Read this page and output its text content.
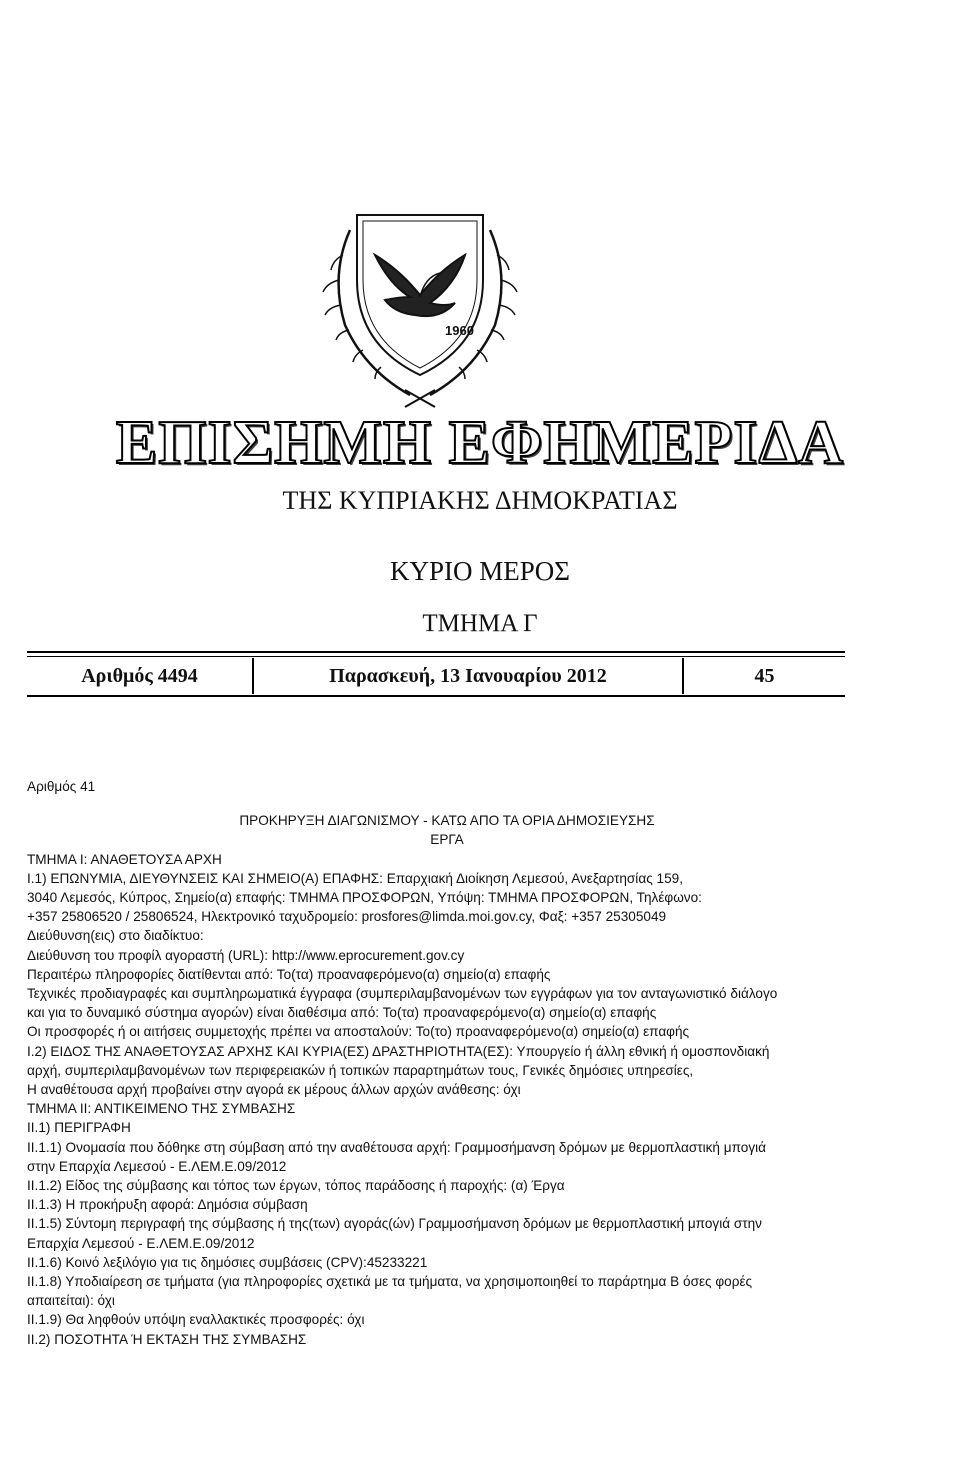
1960
ΕΠΙΣΗΜΗ ΕΦΗΜΕΡΙΔΑ
ΤΗΣ ΚΥΠΡΙΑΚΗΣ ΔΗΜΟΚΡΑΤΙΑΣ
ΚΥΡΙΟ ΜΕΡΟΣ
ΤΜΗΜΑ Γ
Αριθμός 4494	Παρασκευή, 13 Ιανουαρίου 2012	45

Αριθμός 41

ΠΡΟΚΗΡΥΞΗ ΔΙΑΓΩΝΙΣΜΟΥ - ΚΑΤΩ ΑΠΟ ΤΑ ΟΡΙΑ ΔΗΜΟΣΙΕΥΣΗΣ

ΕΡΓΑ

ΤΜΗΜΑ Ι: ΑΝΑΘΕΤΟΥΣΑ ΑΡΧΗ

I.1) ΕΠΩΝΥΜΙΑ, ΔΙΕΥΘΥΝΣΕΙΣ ΚΑΙ ΣΗΜΕΙΟ(Α) ΕΠΑΦΗΣ: Επαρχιακή Διοίκηση Λεμεσού, Ανεξαρτησίας 159,

3040 Λεμεσός, Κύπρος, Σημείο(α) επαφής: ΤΜΗΜΑ ΠΡΟΣΦΟΡΩΝ, Υπόψη: ΤΜΗΜΑ ΠΡΟΣΦΟΡΩΝ, Τηλέφωνο:

+357 25806520 / 25806524, Ηλεκτρονικό ταχυδρομείο: prosfores@limda.moi.gov.cy, Φαξ: +357 25305049

Διεύθυνση(εις) στο διαδίκτυο:

Διεύθυνση του προφίλ αγοραστή (URL): http://www.eprocurement.gov.cy

Περαιτέρω πληροφορίες διατίθενται από: Το(τα) προαναφερόμενο(α) σημείο(α) επαφής

Τεχνικές προδιαγραφές και συμπληρωματικά έγγραφα (συμπεριλαμβανομένων των εγγράφων για τον ανταγωνιστικό διάλογο

και για το δυναμικό σύστημα αγορών) είναι διαθέσιμα από: Το(τα) προαναφερόμενο(α) σημείο(α) επαφής

Οι προσφορές ή οι αιτήσεις συμμετοχής πρέπει να αποσταλούν: Το(το) προαναφερόμενο(α) σημείο(α) επαφής

I.2) ΕΙΔΟΣ ΤΗΣ ΑΝΑΘΕΤΟΥΣΑΣ ΑΡΧΗΣ ΚΑΙ ΚΥΡΙΑ(ΕΣ) ΔΡΑΣΤΗΡΙΟΤΗΤΑ(ΕΣ): Υπουργείο ή άλλη εθνική ή ομοσπονδιακή

αρχή, συμπεριλαμβανομένων των περιφερειακών ή τοπικών παραρτημάτων τους, Γενικές δημόσιες υπηρεσίες,

Η αναθέτουσα αρχή προβαίνει στην αγορά εκ μέρους άλλων αρχών ανάθεσης: όχι

ΤΜΗΜΑ ΙΙ: ΑΝΤΙΚΕΙΜΕΝΟ ΤΗΣ ΣΥΜΒΑΣΗΣ

ΙΙ.1) ΠΕΡΙΓΡΑΦΗ

ΙΙ.1.1) Ονομασία που δόθηκε στη σύμβαση από την αναθέτουσα αρχή: Γραμμοσήμανση δρόμων με θερμοπλαστική μπογιά

στην Επαρχία Λεμεσού - Ε.ΛΕΜ.Ε.09/2012

ΙΙ.1.2) Είδος της σύμβασης και τόπος των έργων, τόπος παράδοσης ή παροχής: (α) Έργα

ΙΙ.1.3) Η προκήρυξη αφορά: Δημόσια σύμβαση

ΙΙ.1.5) Σύντομη περιγραφή της σύμβασης ή της(των) αγοράς(ών) Γραμμοσήμανση δρόμων με θερμοπλαστική μπογιά στην

Επαρχία Λεμεσού - Ε.ΛΕΜ.Ε.09/2012

ΙΙ.1.6) Κοινό λεξιλόγιο για τις δημόσιες συμβάσεις (CPV):45233221

ΙΙ.1.8) Υποδιαίρεση σε τμήματα (για πληροφορίες σχετικά με τα τμήματα, να χρησιμοποιηθεί το παράρτημα Β όσες φορές

απαιτείται): όχι

ΙΙ.1.9) Θα ληφθούν υπόψη εναλλακτικές προσφορές: όχι

ΙΙ.2) ΠΟΣΟΤΗΤΑ Ή ΕΚΤΑΣΗ ΤΗΣ ΣΥΜΒΑΣΗΣ
